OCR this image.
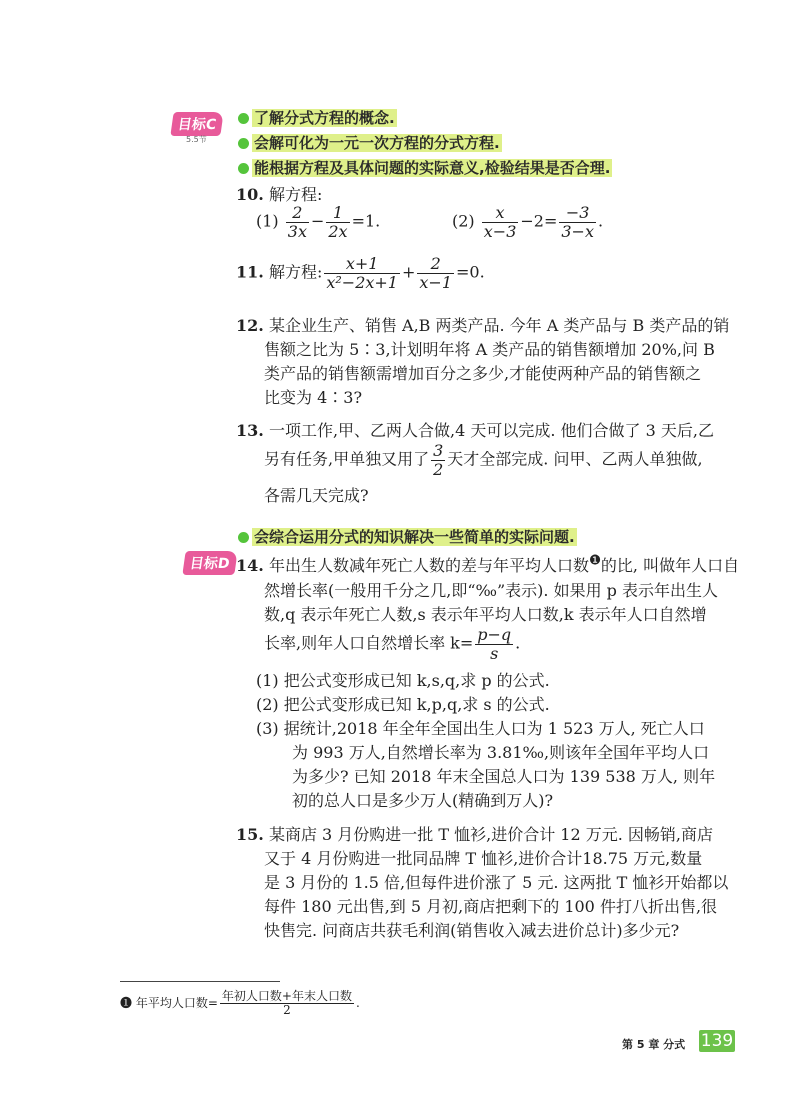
目标C
5.5节
了解分式方程的概念.
会解可化为一元一次方程的分式方程.
能根据方程及具体问题的实际意义,检验结果是否合理.
10. 解方程:
$(1) \frac{2}{3x} - \frac{1}{2x} =1$.	$(2) \frac{x}{x-3} -2= \frac{-3}{3-x}$ .
11. 解方程: $\frac{x+1}{\text{x²−2x+1}} + \frac{2}{x-1} =0$.
12. 某企业生产、销售 A,B 两类产品. 今年 A 类产品与 B 类产品的销
售额之比为 5∶3,计划明年将 A 类产品的销售额增加 20%,问 B
类产品的销售额需增加百分之多少,才能使两种产品的销售额之
比变为 4∶3?
13. 一项工作,甲、乙两人合做,4 天可以完成. 他们合做了 3 天后,乙
另有任务,甲单独又用了 $\frac{3}{2}$ 天才全部完成. 问甲、乙两人单独做,
各需几天完成?
会综合运用分式的知识解决一些简单的实际问题.
目标D 14. 年出生人数减年死亡人数的差与年平均人口数$^❶$的比, 叫做年人口自
然增长率(一般用千分之几,即“‰”表示). 如果用 p 表示年出生人
数,q 表示年死亡人数,s 表示年平均人口数,k 表示年人口自然增
长率,则年人口自然增长率 $k= \frac{p-q}{s}$ .
(1) 把公式变形成已知 k,s,q,求 p 的公式.
(2) 把公式变形成已知 k,p,q,求 s 的公式.
(3) 据统计,2018 年全年全国出生人口为 1 523 万人, 死亡人口
为 993 万人,自然增长率为 3.81‰,则该年全国年平均人口
为多少? 已知 2018 年末全国总人口为 139 538 万人, 则年
初的总人口是多少万人(精确到万人)?
15. 某商店 3 月份购进一批 T 恤衫,进价合计 12 万元. 因畅销,商店
又于 4 月份购进一批同品牌 T 恤衫,进价合计18.75 万元,数量
是 3 月份的 1.5 倍,但每件进价涨了 5 元. 这两批 T 恤衫开始都以
每件 180 元出售,到 5 月初,商店把剩下的 100 件打八折出售,很
快售完. 问商店共获毛利润(销售收入减去进价总计)多少元?
❶ 年平均人口数= $\frac{\text{年初人口数+年末人口数}}{2}$ .
第 5 章 分式 139
